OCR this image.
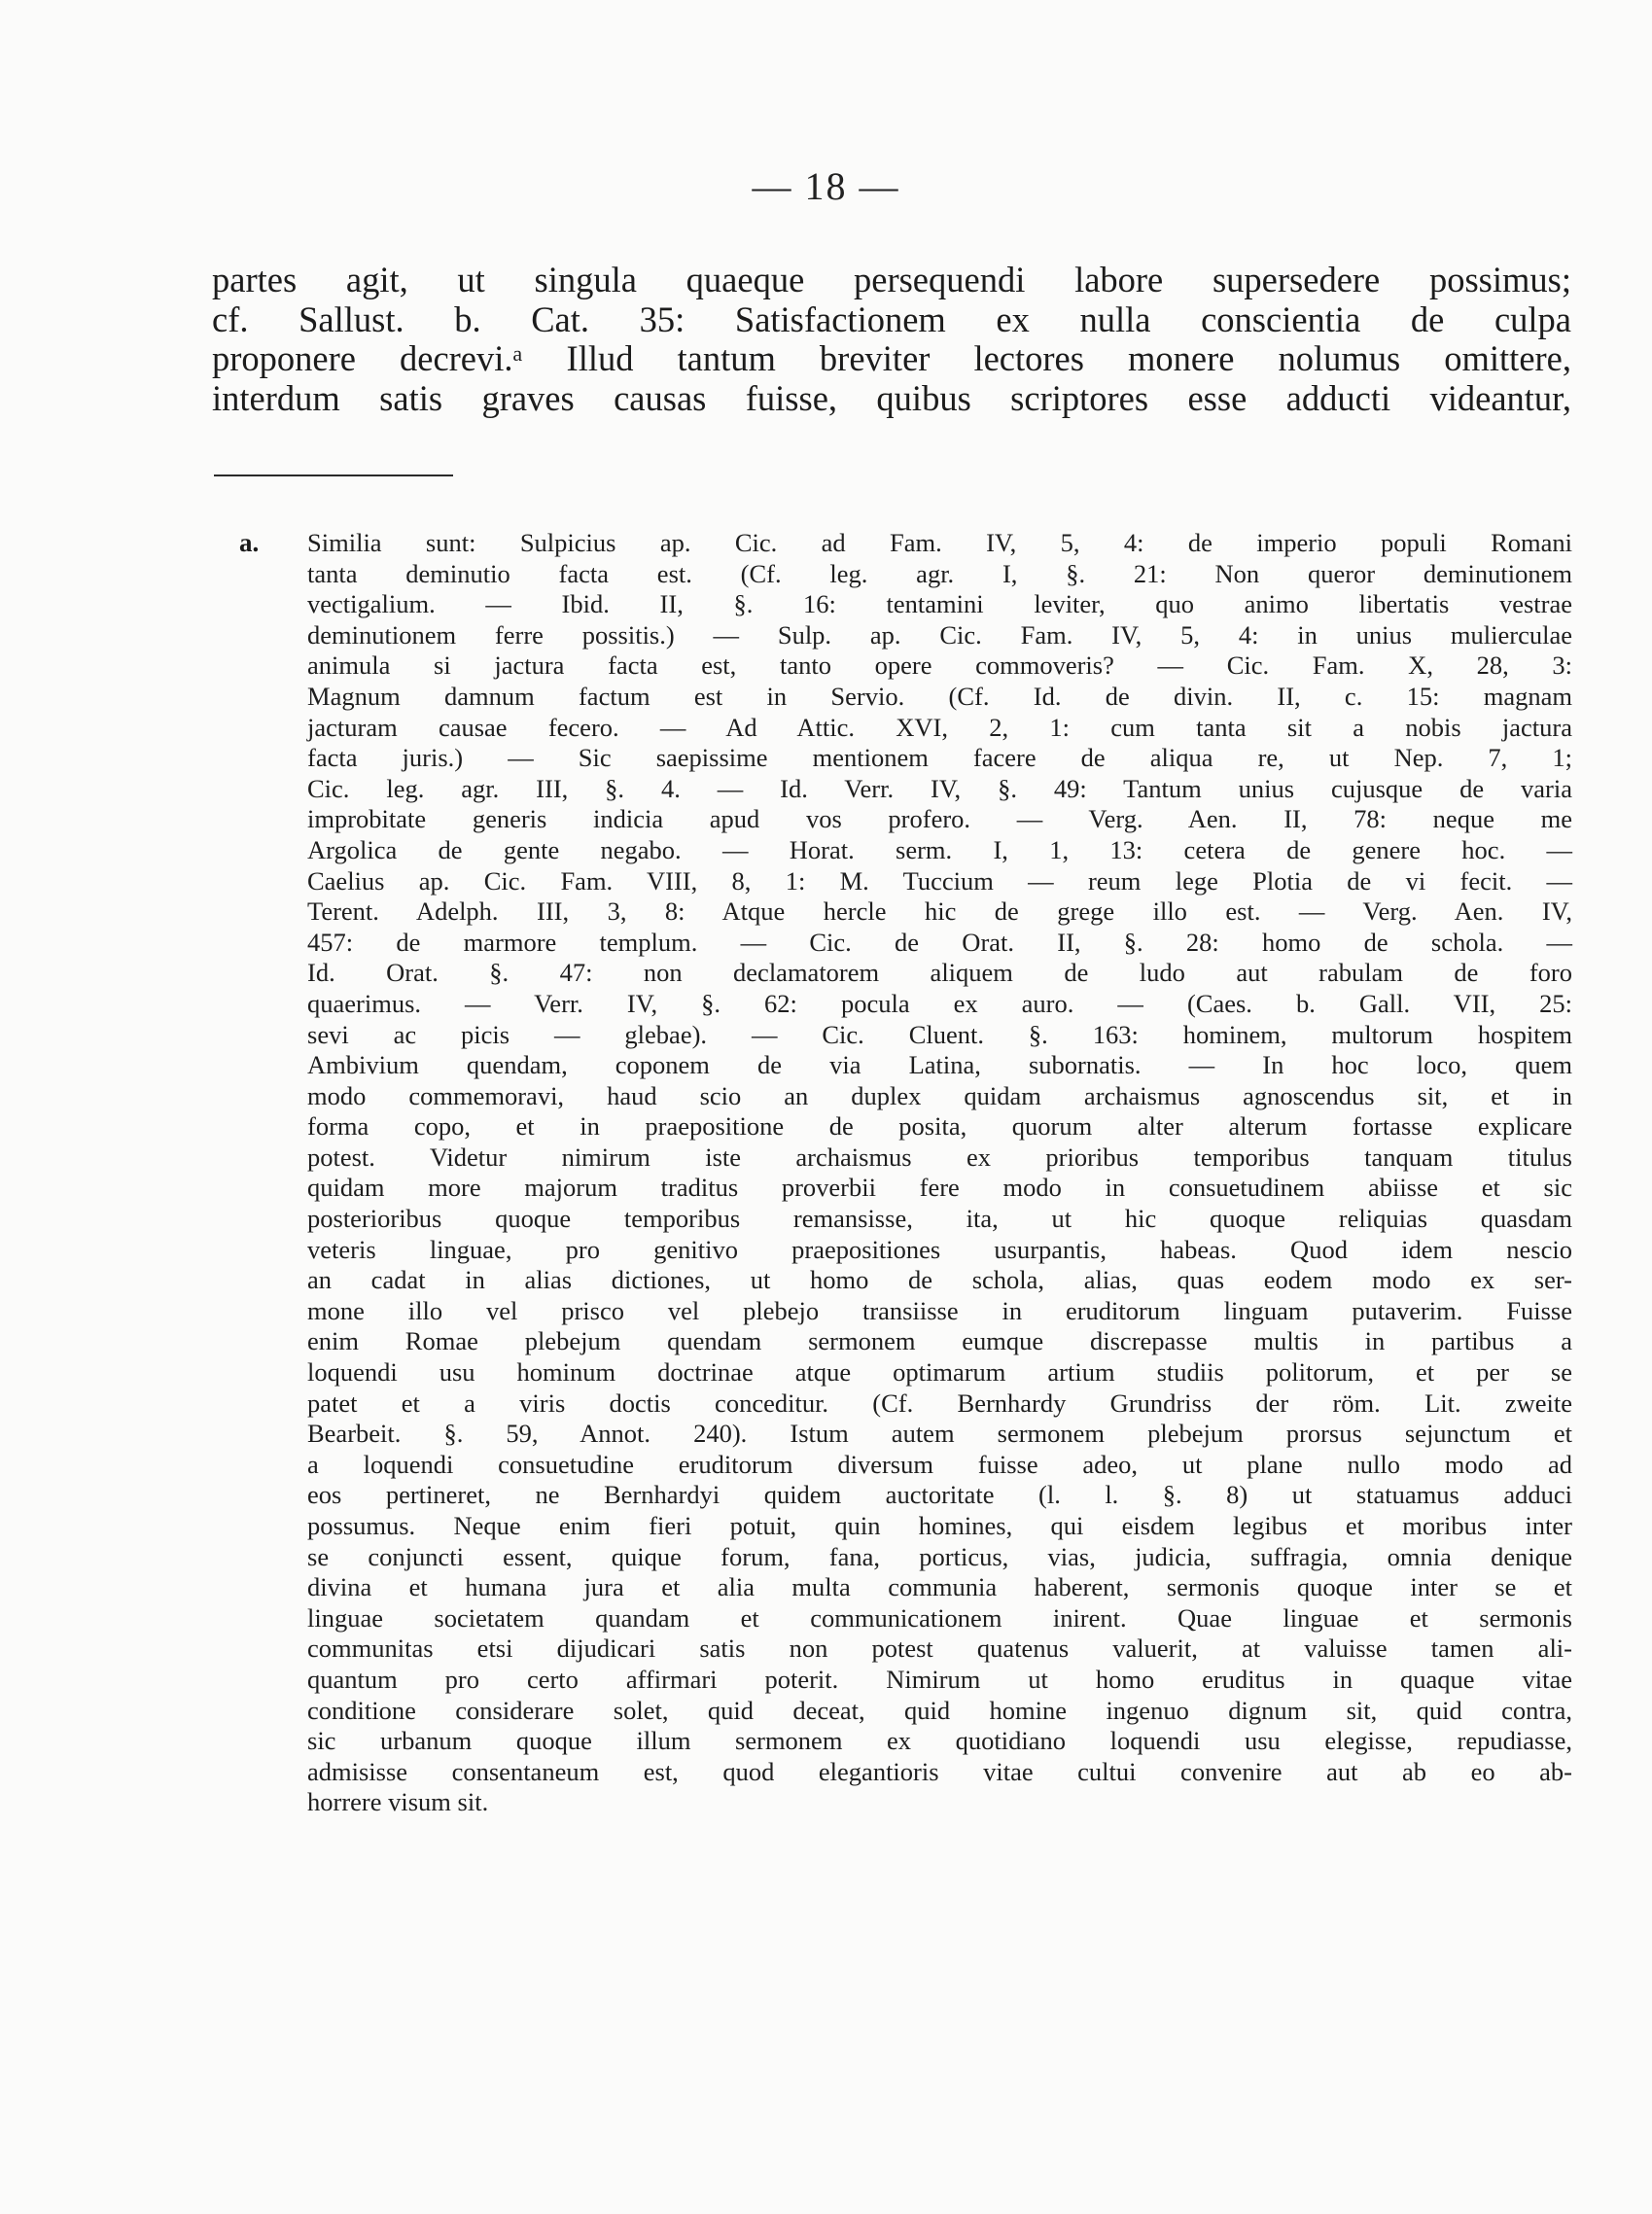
— 18 —
partes agit, ut singula quaeque persequendi labore supersedere possimus;
cf. Sallust. b. Cat. 35: Satisfactionem ex nulla conscientia de culpa
proponere decrevi.ᵃ Illud tantum breviter lectores monere nolumus omittere,
interdum satis graves causas fuisse, quibus scriptores esse adducti videantur,
a. Similia sunt: Sulpicius ap. Cic. ad Fam. IV, 5, 4: de imperio populi Romani
tanta deminutio facta est. (Cf. leg. agr. I, §. 21: Non queror deminutionem
vectigalium. — Ibid. II, §. 16: tentamini leviter, quo animo libertatis vestrae
deminutionem ferre possitis.) — Sulp. ap. Cic. Fam. IV, 5, 4: in unius mulierculae
animula si jactura facta est, tanto opere commoveris? — Cic. Fam. X, 28, 3:
Magnum damnum factum est in Servio. (Cf. Id. de divin. II, c. 15: magnam
jacturam causae fecero. — Ad Attic. XVI, 2, 1: cum tanta sit a nobis jactura
facta juris.) — Sic saepissime mentionem facere de aliqua re, ut Nep. 7, 1;
Cic. leg. agr. III, §. 4. — Id. Verr. IV, §. 49: Tantum unius cujusque de varia
improbitate generis indicia apud vos profero. — Verg. Aen. II, 78: neque me
Argolica de gente negabo. — Horat. serm. I, 1, 13: cetera de genere hoc. —
Caelius ap. Cic. Fam. VIII, 8, 1: M. Tuccium — reum lege Plotia de vi fecit. —
Terent. Adelph. III, 3, 8: Atque hercle hic de grege illo est. — Verg. Aen. IV,
457: de marmore templum. — Cic. de Orat. II, §. 28: homo de schola. —
Id. Orat. §. 47: non declamatorem aliquem de ludo aut rabulam de foro
quaerimus. — Verr. IV, §. 62: pocula ex auro. — (Caes. b. Gall. VII, 25:
sevi ac picis — glebae). — Cic. Cluent. §. 163: hominem, multorum hospitem
Ambivium quendam, coponem de via Latina, subornatis. — In hoc loco, quem
modo commemoravi, haud scio an duplex quidam archaismus agnoscendus sit, et in
forma copo, et in praepositione de posita, quorum alter alterum fortasse explicare
potest. Videtur nimirum iste archaismus ex prioribus temporibus tanquam titulus
quidam more majorum traditus proverbii fere modo in consuetudinem abiisse et sic
posterioribus quoque temporibus remansisse, ita, ut hic quoque reliquias quasdam
veteris linguae, pro genitivo praepositiones usurpantis, habeas. Quod idem nescio
an cadat in alias dictiones, ut homo de schola, alias, quas eodem modo ex ser-
mone illo vel prisco vel plebejo transiisse in eruditorum linguam putaverim. Fuisse
enim Romae plebejum quendam sermonem eumque discrepasse multis in partibus a
loquendi usu hominum doctrinae atque optimarum artium studiis politorum, et per se
patet et a viris doctis conceditur. (Cf. Bernhardy Grundriss der röm. Lit. zweite
Bearbeit. §. 59, Annot. 240). Istum autem sermonem plebejum prorsus sejunctum et
a loquendi consuetudine eruditorum diversum fuisse adeo, ut plane nullo modo ad
eos pertineret, ne Bernhardyi quidem auctoritate (l. l. §. 8) ut statuamus adduci
possumus. Neque enim fieri potuit, quin homines, qui eisdem legibus et moribus inter
se conjuncti essent, quique forum, fana, porticus, vias, judicia, suffragia, omnia denique
divina et humana jura et alia multa communia haberent, sermonis quoque inter se et
linguae societatem quandam et communicationem inirent. Quae linguae et sermonis
communitas etsi dijudicari satis non potest quatenus valuerit, at valuisse tamen ali-
quantum pro certo affirmari poterit. Nimirum ut homo eruditus in quaque vitae
conditione considerare solet, quid deceat, quid homine ingenuo dignum sit, quid contra,
sic urbanum quoque illum sermonem ex quotidiano loquendi usu elegisse, repudiasse,
admisisse consentaneum est, quod elegantioris vitae cultui convenire aut ab eo ab-
horrere visum sit.
